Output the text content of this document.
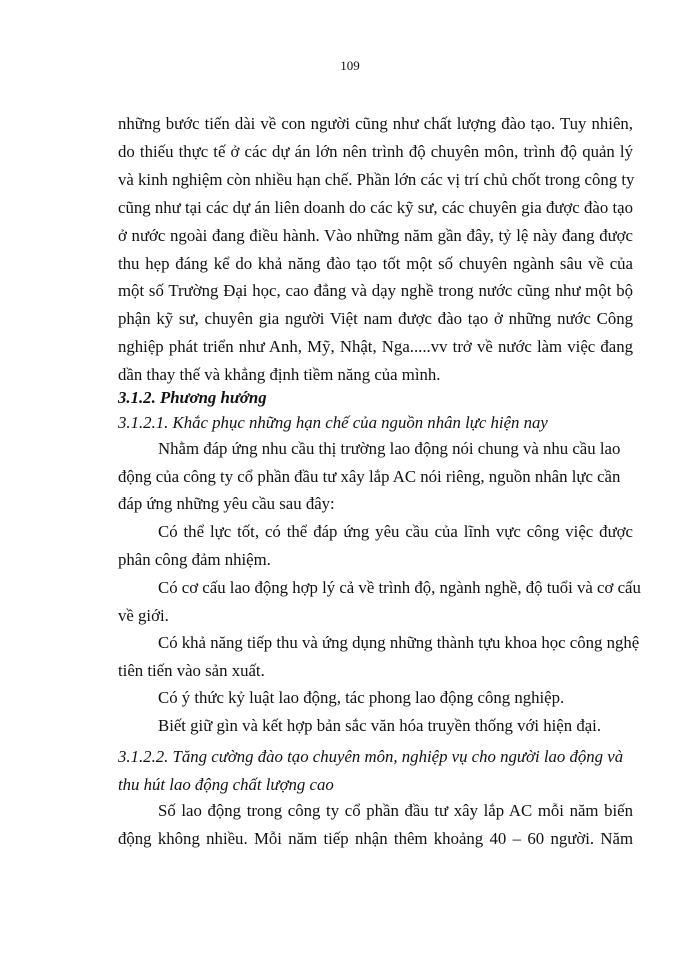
109
những bước tiến dài về con người cũng như chất lượng đào tạo. Tuy nhiên,
do thiếu thực tế ở các dự án lớn nên trình độ chuyên môn, trình độ quản lý
và kinh nghiệm còn nhiều hạn chế. Phần lớn các vị trí chủ chốt trong công ty
cũng như tại các dự án liên doanh do các kỹ sư, các chuyên gia được đào tạo
ở nước ngoài đang điều hành. Vào những năm gần đây, tỷ lệ này đang được
thu hẹp đáng kể do khả năng đào tạo tốt một số chuyên ngành sâu về của
một số Trường Đại học, cao đẳng và dạy nghề trong nước cũng như một bộ
phận kỹ sư, chuyên gia người Việt nam được đào tạo ở những nước Công
nghiệp phát triển như Anh, Mỹ, Nhật, Nga.....vv trở về nước làm việc đang
dần thay thế và khẳng định tiềm năng của mình.
3.1.2. Phương hướng
3.1.2.1. Khắc phục những hạn chế của nguồn nhân lực hiện nay
Nhằm đáp ứng nhu cầu thị trường lao động nói chung và nhu cầu lao
động của công ty cổ phần đầu tư xây lắp AC nói riêng, nguồn nhân lực cần
đáp ứng những yêu cầu sau đây:
Có thể lực tốt, có thể đáp ứng yêu cầu của lĩnh vực công việc được
phân công đảm nhiệm.
Có cơ cấu lao động hợp lý cả về trình độ, ngành nghề, độ tuổi và cơ cấu
về giới.
Có khả năng tiếp thu và ứng dụng những thành tựu khoa học công nghệ
tiên tiến vào sản xuất.
Có ý thức kỷ luật lao động, tác phong lao động công nghiệp.
Biết giữ gìn và kết hợp bản sắc văn hóa truyền thống với hiện đại.
3.1.2.2. Tăng cường đào tạo chuyên môn, nghiệp vụ cho người lao động và
thu hút lao động chất lượng cao
Số lao động trong công ty cổ phần đầu tư xây lắp AC mỗi năm biến
động không nhiều. Mỗi năm tiếp nhận thêm khoảng 40 – 60 người. Năm
